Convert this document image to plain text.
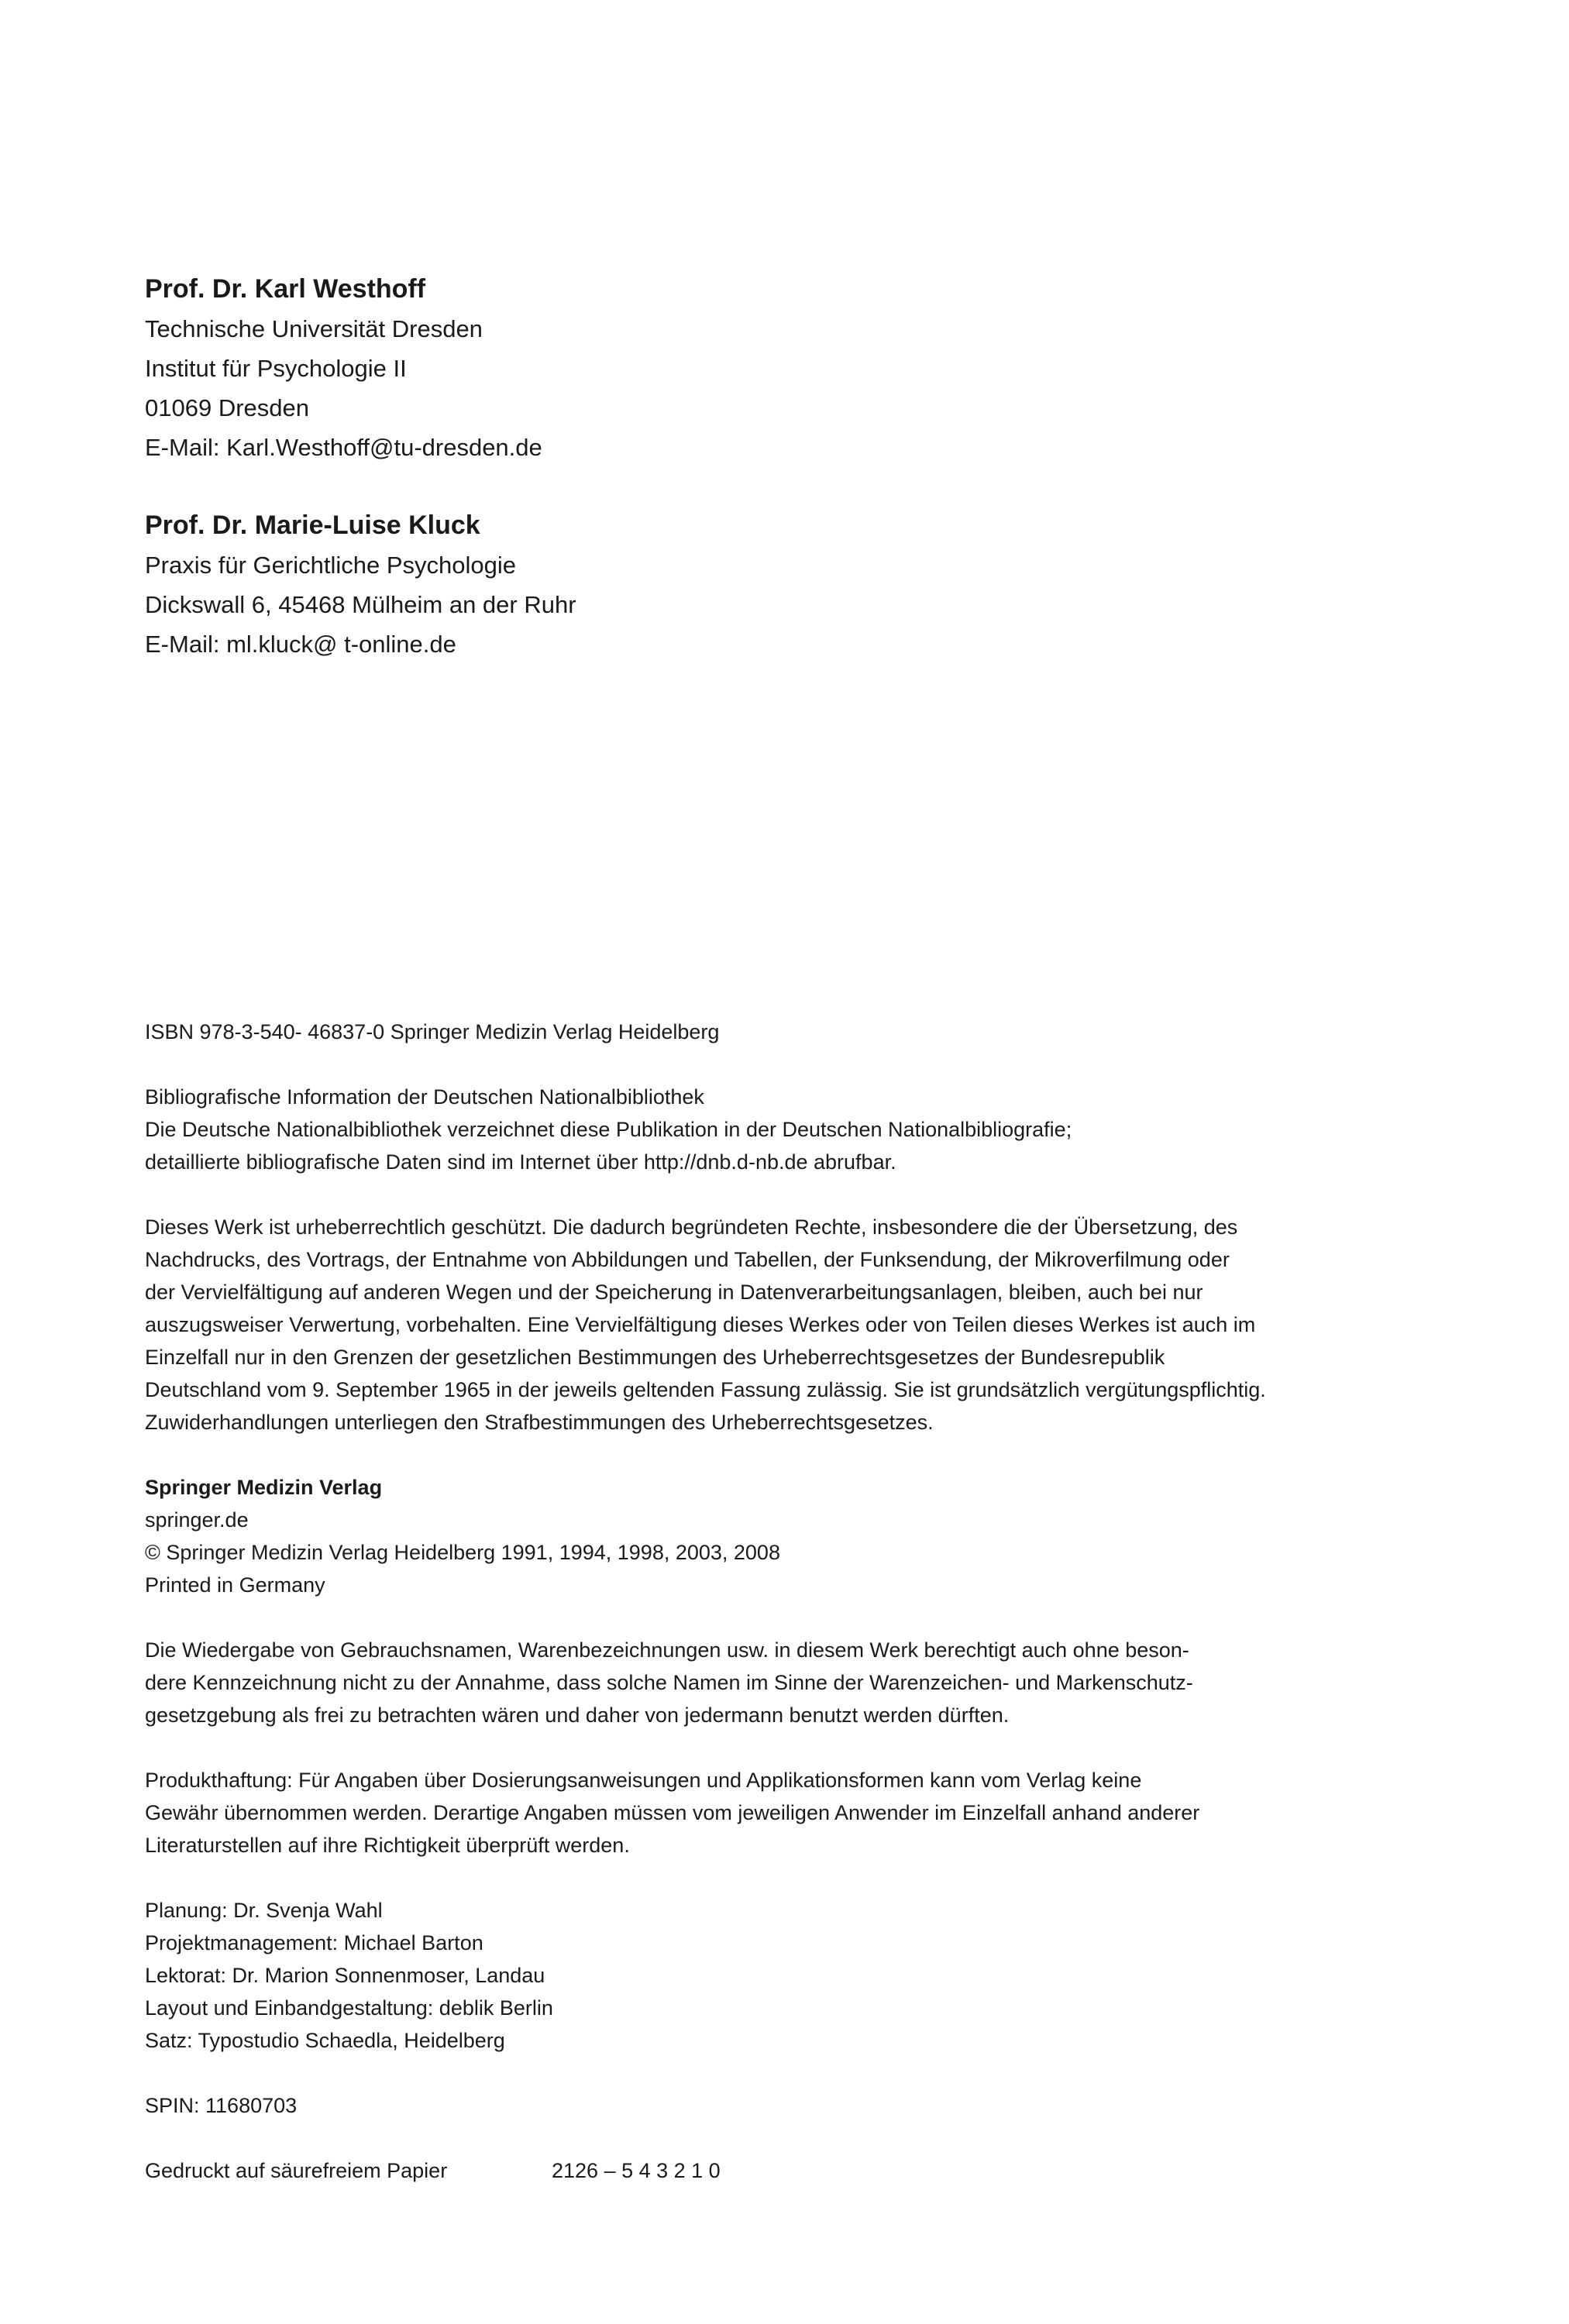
Prof. Dr. Karl Westhoff
Technische Universität Dresden
Institut für Psychologie II
01069 Dresden
E-Mail: Karl.Westhoff@tu-dresden.de
Prof. Dr. Marie-Luise Kluck
Praxis für Gerichtliche Psychologie
Dickswall 6, 45468 Mülheim an der Ruhr
E-Mail: ml.kluck@ t-online.de
ISBN 978-3-540- 46837-0 Springer Medizin Verlag Heidelberg
Bibliografische Information der Deutschen Nationalbibliothek
Die Deutsche Nationalbibliothek verzeichnet diese Publikation in der Deutschen Nationalbibliografie;
detaillierte bibliografische Daten sind im Internet über http://dnb.d-nb.de abrufbar.
Dieses Werk ist urheberrechtlich geschützt. Die dadurch begründeten Rechte, insbesondere die der Übersetzung, des
Nachdrucks, des Vortrags, der Entnahme von Abbildungen und Tabellen, der Funksendung, der Mikroverfilmung oder
der Vervielfältigung auf anderen Wegen und der Speicherung in Datenverarbeitungsanlagen, bleiben, auch bei nur
auszugsweiser Verwertung, vorbehalten. Eine Vervielfältigung dieses Werkes oder von Teilen dieses Werkes ist auch im
Einzelfall nur in den Grenzen der gesetzlichen Bestimmungen des Urheberrechtsgesetzes der Bundesrepublik
Deutschland vom 9. September 1965 in der jeweils geltenden Fassung zulässig. Sie ist grundsätzlich vergütungspflichtig.
Zuwiderhandlungen unterliegen den Strafbestimmungen des Urheberrechtsgesetzes.
Springer Medizin Verlag
springer.de
© Springer Medizin Verlag Heidelberg 1991, 1994, 1998, 2003, 2008
Printed in Germany
Die Wiedergabe von Gebrauchsnamen, Warenbezeichnungen usw. in diesem Werk berechtigt auch ohne beson-
dere Kennzeichnung nicht zu der Annahme, dass solche Namen im Sinne der Warenzeichen- und Markenschutz-
gesetzgebung als frei zu betrachten wären und daher von jedermann benutzt werden dürften.
Produkthaftung: Für Angaben über Dosierungsanweisungen und Applikationsformen kann vom Verlag keine
Gewähr übernommen werden. Derartige Angaben müssen vom jeweiligen Anwender im Einzelfall anhand anderer
Literaturstellen auf ihre Richtigkeit überprüft werden.
Planung: Dr. Svenja Wahl
Projektmanagement: Michael Barton
Lektorat: Dr. Marion Sonnenmoser, Landau
Layout und Einbandgestaltung: deblik Berlin
Satz: Typostudio Schaedla, Heidelberg
SPIN: 11680703
Gedruckt auf säurefreiem Papier	2126 – 5 4 3 2 1 0
